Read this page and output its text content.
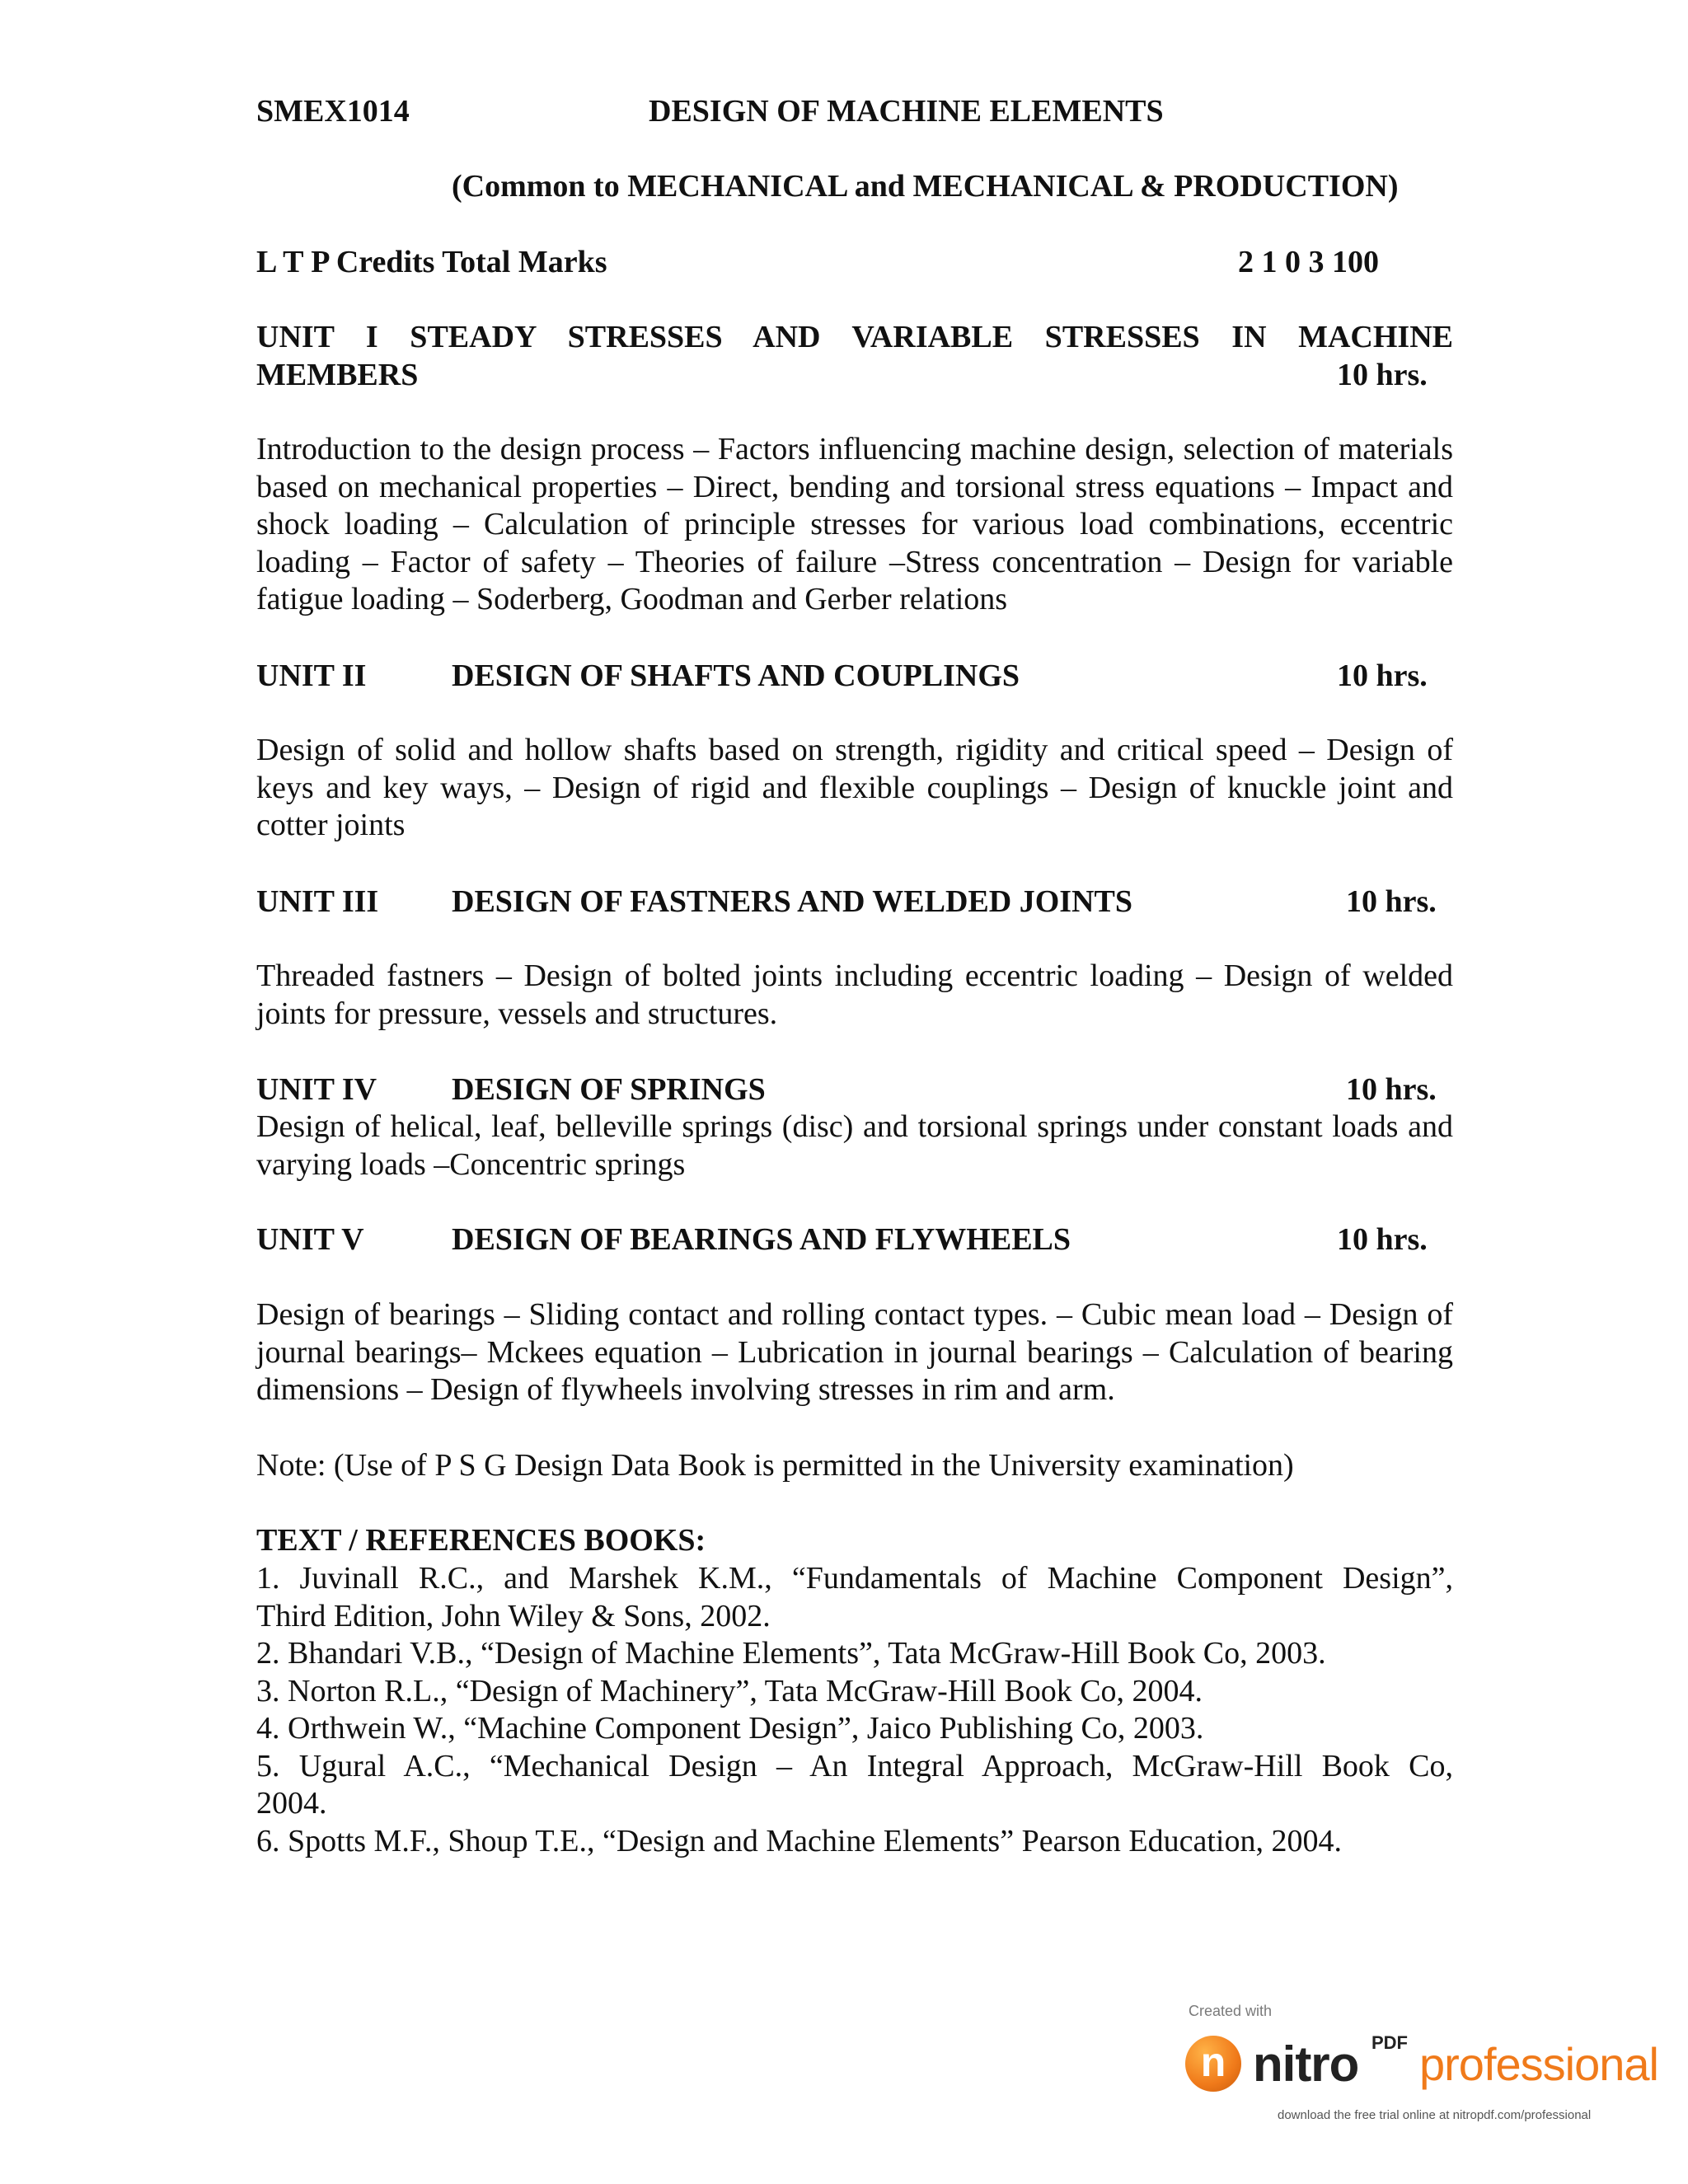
SMEX1014	DESIGN OF MACHINE ELEMENTS
(Common to MECHANICAL and MECHANICAL & PRODUCTION)
L T P Credits Total Marks	2 1 0 3 100
UNIT I STEADY STRESSES AND VARIABLE STRESSES IN MACHINE
MEMBERS	10 hrs.
Introduction to the design process – Factors influencing machine design, selection of materials based on mechanical properties – Direct, bending and torsional stress equations – Impact and shock loading – Calculation of principle stresses for various load combinations, eccentric loading – Factor of safety – Theories of failure –Stress concentration – Design for variable fatigue loading – Soderberg, Goodman and Gerber relations
UNIT II	DESIGN OF SHAFTS AND COUPLINGS	10 hrs.
Design of solid and hollow shafts based on strength, rigidity and critical speed – Design of keys and key ways, – Design of rigid and flexible couplings – Design of knuckle joint and cotter joints
UNIT III DESIGN OF FASTNERS AND WELDED JOINTS	10 hrs.
Threaded fastners – Design of bolted joints including eccentric loading – Design of welded joints for pressure, vessels and structures.
UNIT IV DESIGN OF SPRINGS	10 hrs.
Design of helical, leaf, belleville springs (disc) and torsional springs under constant loads and varying loads –Concentric springs
UNIT V	DESIGN OF BEARINGS AND FLYWHEELS	10 hrs.
Design of bearings – Sliding contact and rolling contact types. – Cubic mean load – Design of journal bearings– Mckees equation – Lubrication in journal bearings – Calculation of bearing dimensions – Design of flywheels involving stresses in rim and arm.
Note: (Use of P S G Design Data Book is permitted in the University examination)
TEXT / REFERENCES BOOKS:
1. Juvinall R.C., and Marshek K.M., “Fundamentals of Machine Component Design”,
Third Edition, John Wiley & Sons, 2002.
2. Bhandari V.B., “Design of Machine Elements”, Tata McGraw-Hill Book Co, 2003.
3. Norton R.L., “Design of Machinery”, Tata McGraw-Hill Book Co, 2004.
4. Orthwein W., “Machine Component Design”, Jaico Publishing Co, 2003.
5. Ugural A.C., “Mechanical Design – An Integral Approach, McGraw-Hill Book Co,
2004.
6. Spotts M.F., Shoup T.E., “Design and Machine Elements” Pearson Education, 2004.
Created with
n nitro PDF professional
download the free trial online at nitropdf.com/professional
